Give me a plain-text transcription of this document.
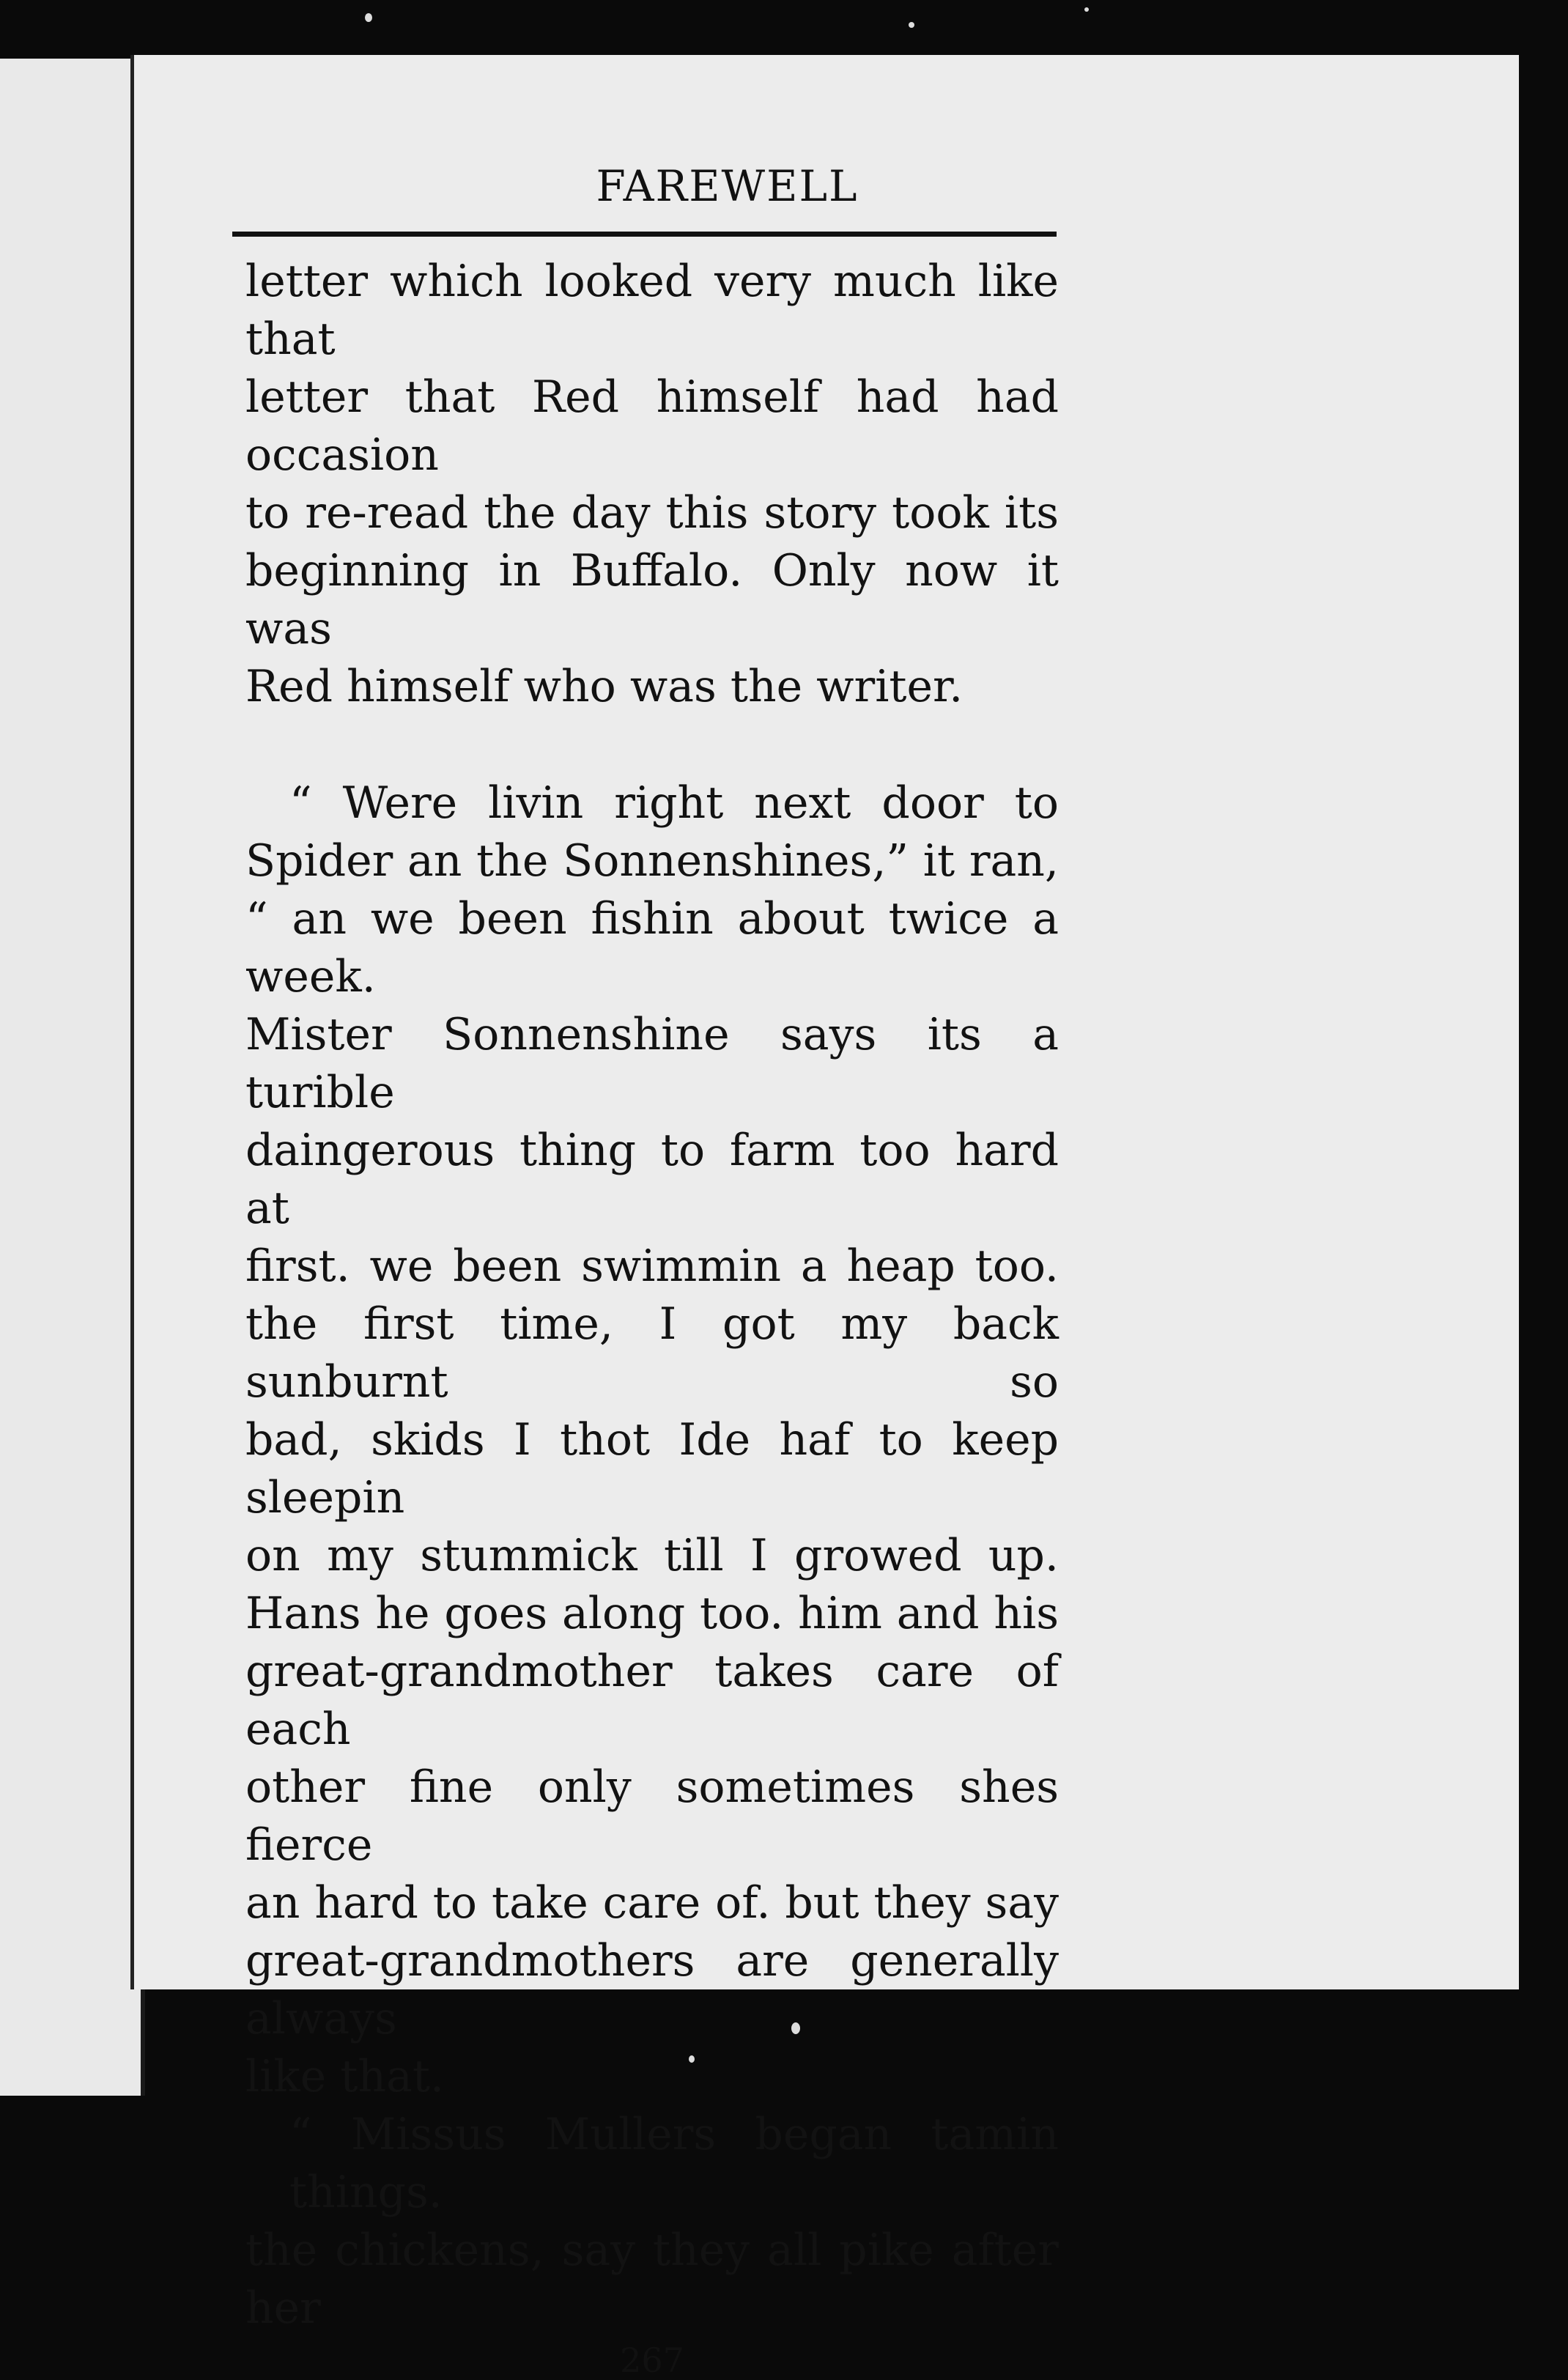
FAREWELL

letter which looked very much like that
letter that Red himself had had occasion
to re-read the day this story took its
beginning in Buffalo. Only now it was
Red himself who was the writer.

“ Were livin right next door to
Spider an the Sonnenshines,” it ran,
“ an we been fishin about twice a week.
Mister Sonnenshine says its a turible
daingerous thing to farm too hard at
first. we been swimmin a heap too.
the first time, I got my back sunburnt so
bad, skids I thot Ide haf to keep sleepin
on my stummick till I growed up.
Hans he goes along too. him and his
great-grandmother takes care of each
other fine only sometimes shes fierce
an hard to take care of. but they say
great-grandmothers are generally always
like that.

“ Missus Mullers began tamin things.
the chickens, say they all pike after her

267
